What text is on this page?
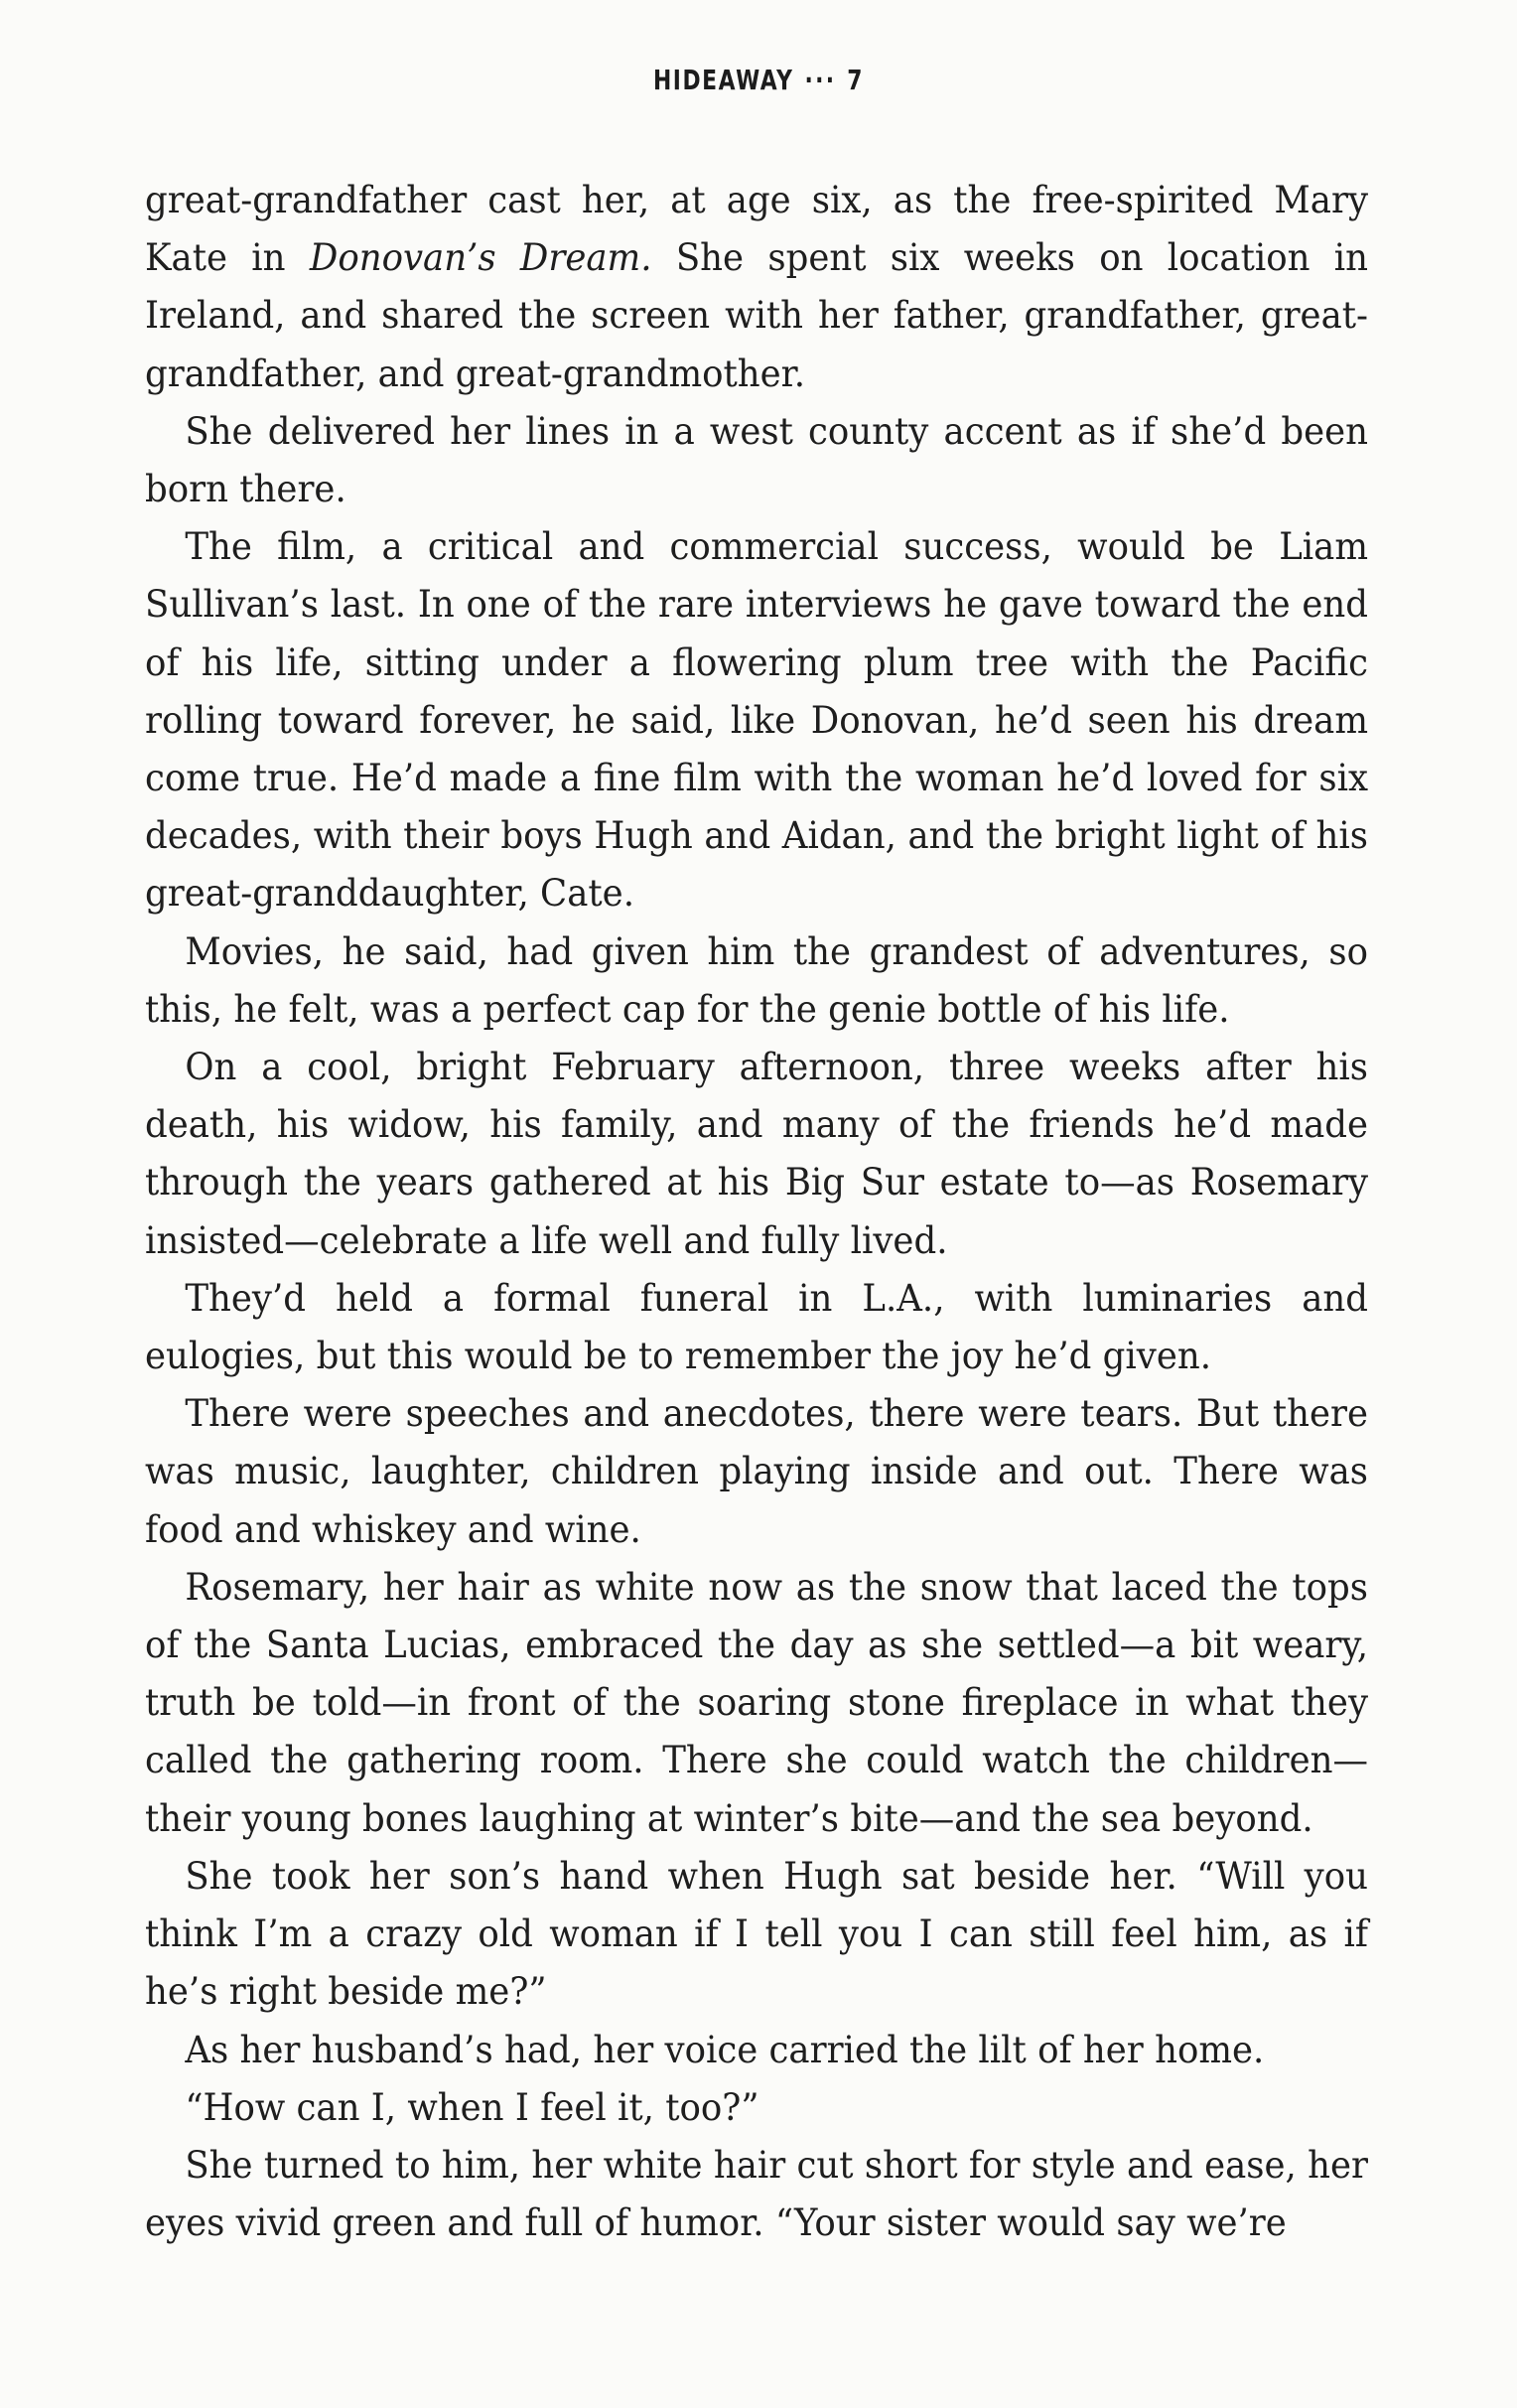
HIDEAWAY ··· 7

great-grandfather cast her, at age six, as the free-spirited Mary Kate in Donovan’s Dream. She spent six weeks on location in Ireland, and shared the screen with her father, grandfather, great-grandfather, and great-grandmother.

She delivered her lines in a west county accent as if she’d been born there.

The film, a critical and commercial success, would be Liam Sullivan’s last. In one of the rare interviews he gave toward the end of his life, sitting under a flowering plum tree with the Pacific rolling toward forever, he said, like Donovan, he’d seen his dream come true. He’d made a fine film with the woman he’d loved for six decades, with their boys Hugh and Aidan, and the bright light of his great-granddaughter, Cate.

Movies, he said, had given him the grandest of adventures, so this, he felt, was a perfect cap for the genie bottle of his life.

On a cool, bright February afternoon, three weeks after his death, his widow, his family, and many of the friends he’d made through the years gathered at his Big Sur estate to—as Rosemary insisted—celebrate a life well and fully lived.

They’d held a formal funeral in L.A., with luminaries and eulogies, but this would be to remember the joy he’d given.

There were speeches and anecdotes, there were tears. But there was music, laughter, children playing inside and out. There was food and whiskey and wine.

Rosemary, her hair as white now as the snow that laced the tops of the Santa Lucias, embraced the day as she settled—a bit weary, truth be told—in front of the soaring stone fireplace in what they called the gathering room. There she could watch the children—their young bones laughing at winter’s bite—and the sea beyond.

She took her son’s hand when Hugh sat beside her. “Will you think I’m a crazy old woman if I tell you I can still feel him, as if he’s right beside me?”

As her husband’s had, her voice carried the lilt of her home.

“How can I, when I feel it, too?”

She turned to him, her white hair cut short for style and ease, her eyes vivid green and full of humor. “Your sister would say we’re
